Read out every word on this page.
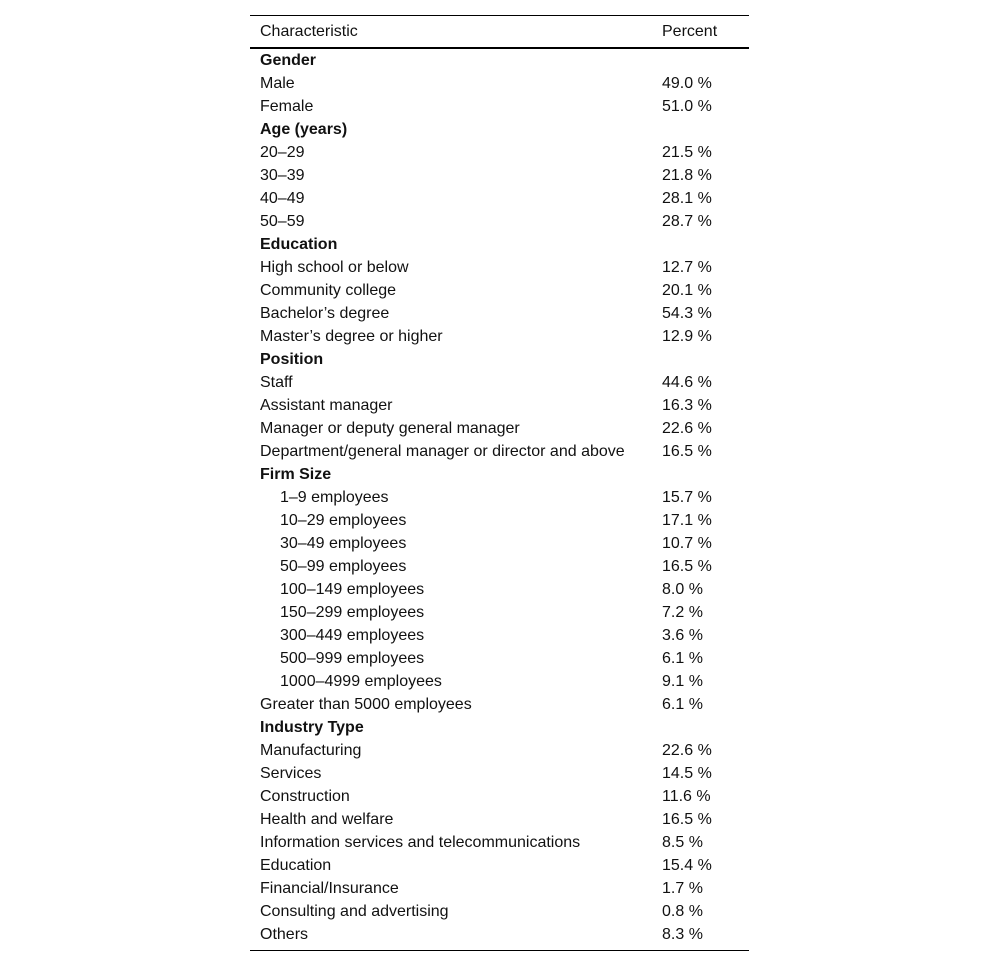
Characteristic	Percent
Gender	
Male	49.0 %
Female	51.0 %
Age (years)	
20–29	21.5 %
30–39	21.8 %
40–49	28.1 %
50–59	28.7 %
Education	
High school or below	12.7 %
Community college	20.1 %
Bachelor’s degree	54.3 %
Master’s degree or higher	12.9 %
Position	
Staff	44.6 %
Assistant manager	16.3 %
Manager or deputy general manager	22.6 %
Department/general manager or director and above	16.5 %
Firm Size	
1–9 employees	15.7 %
10–29 employees	17.1 %
30–49 employees	10.7 %
50–99 employees	16.5 %
100–149 employees	8.0 %
150–299 employees	7.2 %
300–449 employees	3.6 %
500–999 employees	6.1 %
1000–4999 employees	9.1 %
Greater than 5000 employees	6.1 %
Industry Type	
Manufacturing	22.6 %
Services	14.5 %
Construction	11.6 %
Health and welfare	16.5 %
Information services and telecommunications	8.5 %
Education	15.4 %
Financial/Insurance	1.7 %
Consulting and advertising	0.8 %
Others	8.3 %
